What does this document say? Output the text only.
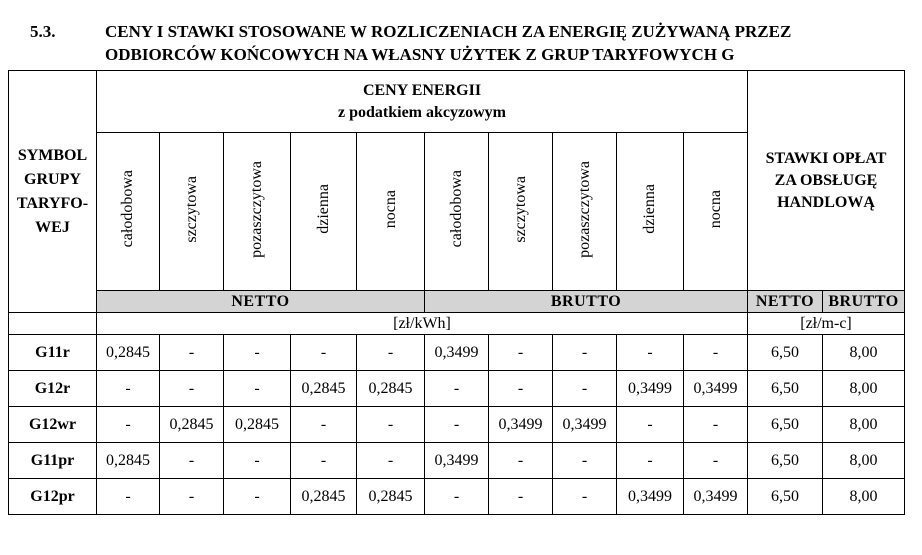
5.3.	CENY I STAWKI STOSOWANE W ROZLICZENIACH ZA ENERGIĘ ZUŻYWANĄ PRZEZ ODBIORCÓW KOŃCOWYCH NA WŁASNY UŻYTEK Z GRUP TARYFOWYCH G
SYMBOL GRUPY TARYFO-WEJ	CENY ENERGII
z podatkiem akcyzowym										STAWKI OPŁAT ZA OBSŁUGĘ HANDLOWĄ	

	całodobowa	szczytowa	pozaszczytowa	dzienna	nocna	całodobowa	szczytowa	pozaszczytowa	dzienna	nocna		
	NETTO					BRUTTO					NETTO	BRUTTO
	[zł/kWh]										[zł/m-c]	
G11r	0,2845	-	-	-	-	0,3499	-	-	-	-	6,50	8,00
G12r	-	-	-	0,2845	0,2845	-	-	-	0,3499	0,3499	6,50	8,00
G12wr	-	0,2845	0,2845	-	-	-	0,3499	0,3499	-	-	6,50	8,00
G11pr	0,2845	-	-	-	-	0,3499	-	-	-	-	6,50	8,00
G12pr	-	-	-	0,2845	0,2845	-	-	-	0,3499	0,3499	6,50	8,00
